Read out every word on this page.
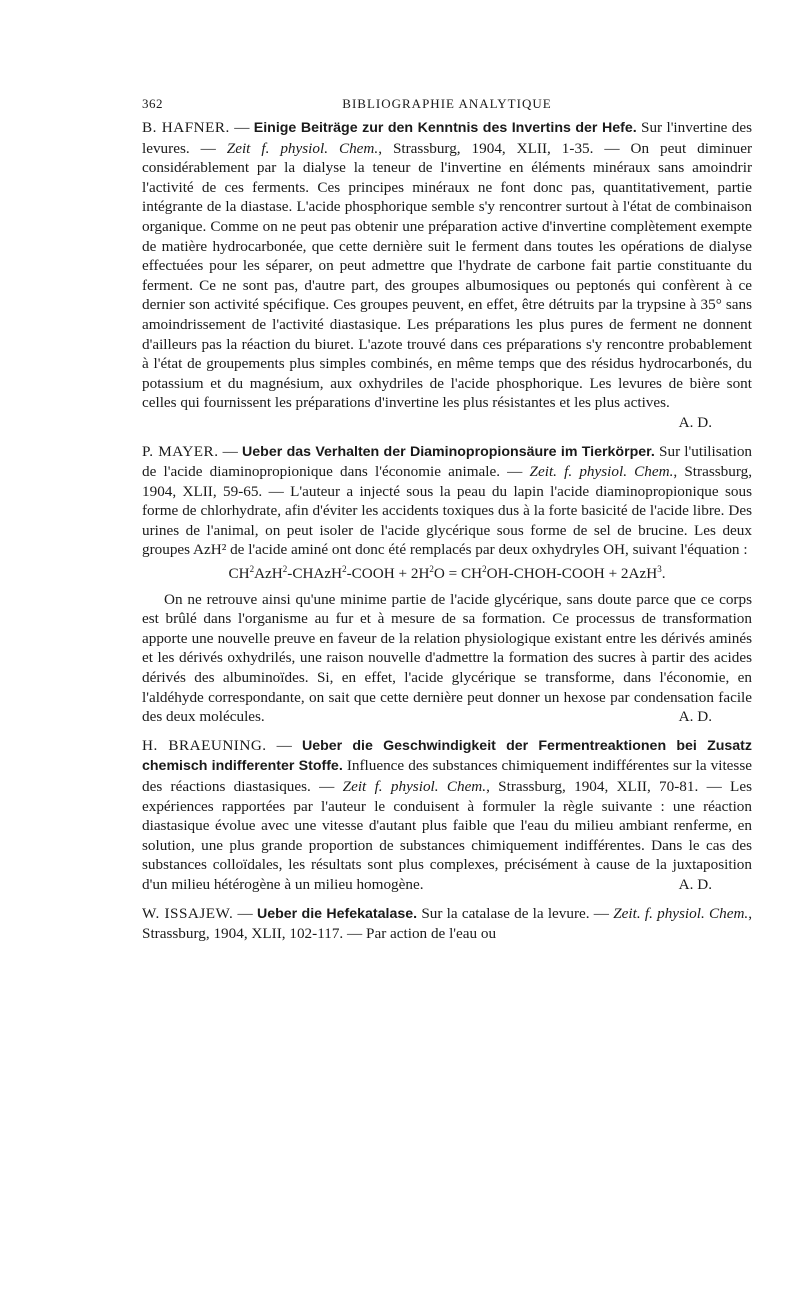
362	BIBLIOGRAPHIE ANALYTIQUE

B. HAFNER. — Einige Beiträge zur den Kenntnis des Invertins der Hefe. Sur l'invertine des levures. — Zeit f. physiol. Chem., Strassburg, 1904, XLII, 1-35. — On peut diminuer considérablement par la dialyse la teneur de l'invertine en éléments minéraux sans amoindrir l'activité de ces ferments. Ces principes minéraux ne font donc pas, quantitativement, partie intégrante de la diastase. L'acide phosphorique semble s'y rencontrer surtout à l'état de combinaison organique. Comme on ne peut pas obtenir une préparation active d'invertine complètement exempte de matière hydrocarbonée, que cette dernière suit le ferment dans toutes les opérations de dialyse effectuées pour les séparer, on peut admettre que l'hydrate de carbone fait partie constituante du ferment. Ce ne sont pas, d'autre part, des groupes albumosiques ou peptonés qui confèrent à ce dernier son activité spécifique. Ces groupes peuvent, en effet, être détruits par la trypsine à 35° sans amoindrissement de l'activité diastasique. Les préparations les plus pures de ferment ne donnent d'ailleurs pas la réaction du biuret. L'azote trouvé dans ces préparations s'y rencontre probablement à l'état de groupements plus simples combinés, en même temps que des résidus hydrocarbonés, du potassium et du magnésium, aux oxhydriles de l'acide phosphorique. Les levures de bière sont celles qui fournissent les préparations d'invertine les plus résistantes et les plus actives.
A. D.

P. MAYER. — Ueber das Verhalten der Diaminopropionsäure im Tierkörper. Sur l'utilisation de l'acide diaminopropionique dans l'économie animale. — Zeit. f. physiol. Chem., Strassburg, 1904, XLII, 59-65. — L'auteur a injecté sous la peau du lapin l'acide diaminopropionique sous forme de chlorhydrate, afin d'éviter les accidents toxiques dus à la forte basicité de l'acide libre. Des urines de l'animal, on peut isoler de l'acide glycérique sous forme de sel de brucine. Les deux groupes AzH² de l'acide aminé ont donc été remplacés par deux oxhydryles OH, suivant l'équation :

$CH^2AzH^2-CHAzH^2$-COOH + $2H^2O$ = $CH^2OH-CHOH$-COOH + 2AzH$^3$.

On ne retrouve ainsi qu'une minime partie de l'acide glycérique, sans doute parce que ce corps est brûlé dans l'organisme au fur et à mesure de sa formation. Ce processus de transformation apporte une nouvelle preuve en faveur de la relation physiologique existant entre les dérivés aminés et les dérivés oxhydrilés, une raison nouvelle d'admettre la formation des sucres à partir des acides dérivés des albuminoïdes. Si, en effet, l'acide glycérique se transforme, dans l'économie, en l'aldéhyde correspondante, on sait que cette dernière peut donner un hexose par condensation facile des deux molécules.	A. D.

H. BRAEUNING. — Ueber die Geschwindigkeit der Fermentreaktionen bei Zusatz chemisch indifferenter Stoffe. Influence des substances chimiquement indifférentes sur la vitesse des réactions diastasiques. — Zeit f. physiol. Chem., Strassburg, 1904, XLII, 70-81. — Les expériences rapportées par l'auteur le conduisent à formuler la règle suivante : une réaction diastasique évolue avec une vitesse d'autant plus faible que l'eau du milieu ambiant renferme, en solution, une plus grande proportion de substances chimiquement indifférentes. Dans le cas des substances colloïdales, les résultats sont plus complexes, précisément à cause de la juxtaposition d'un milieu hétérogène à un milieu homogène.	A. D.

W. ISSAJEW. — Ueber die Hefekatalase. Sur la catalase de la levure. — Zeit. f. physiol. Chem., Strassburg, 1904, XLII, 102-117. — Par action de l'eau ou
